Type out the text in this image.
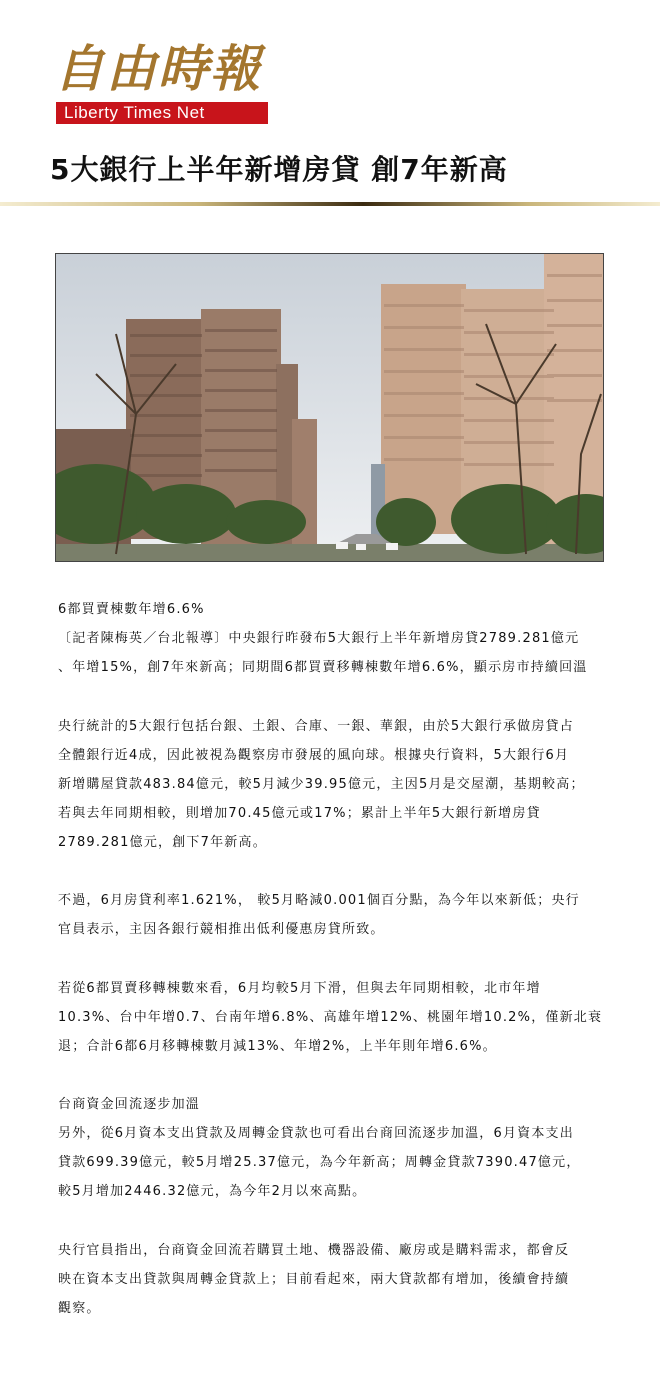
自由時報
Liberty Times Net
5大銀行上半年新增房貸 創7年新高
6都買賣棟數年增6.6%
〔記者陳梅英／台北報導〕中央銀行昨發布5大銀行上半年新增房貸2789.281億元
、年增15%，創7年來新高；同期間6都買賣移轉棟數年增6.6%，顯示房市持續回溫
央行統計的5大銀行包括台銀、土銀、合庫、一銀、華銀，由於5大銀行承做房貸占
全體銀行近4成，因此被視為觀察房市發展的風向球。根據央行資料，5大銀行6月
新增購屋貸款483.84億元，較5月減少39.95億元，主因5月是交屋潮，基期較高；
若與去年同期相較，則增加70.45億元或17%；累計上半年5大銀行新增房貸
2789.281億元，創下7年新高。
不過，6月房貸利率1.621%， 較5月略減0.001個百分點，為今年以來新低；央行
官員表示，主因各銀行競相推出低利優惠房貸所致。
若從6都買賣移轉棟數來看，6月均較5月下滑，但與去年同期相較，北市年增
10.3%、台中年增0.7、台南年增6.8%、高雄年增12%、桃園年增10.2%，僅新北衰
退；合計6都6月移轉棟數月減13%、年增2%，上半年則年增6.6%。
台商資金回流逐步加溫
另外，從6月資本支出貸款及周轉金貸款也可看出台商回流逐步加溫，6月資本支出
貸款699.39億元，較5月增25.37億元，為今年新高；周轉金貸款7390.47億元，
較5月增加2446.32億元，為今年2月以來高點。
央行官員指出，台商資金回流若購買土地、機器設備、廠房或是購料需求，都會反
映在資本支出貸款與周轉金貸款上；目前看起來，兩大貸款都有增加，後續會持續
觀察。
